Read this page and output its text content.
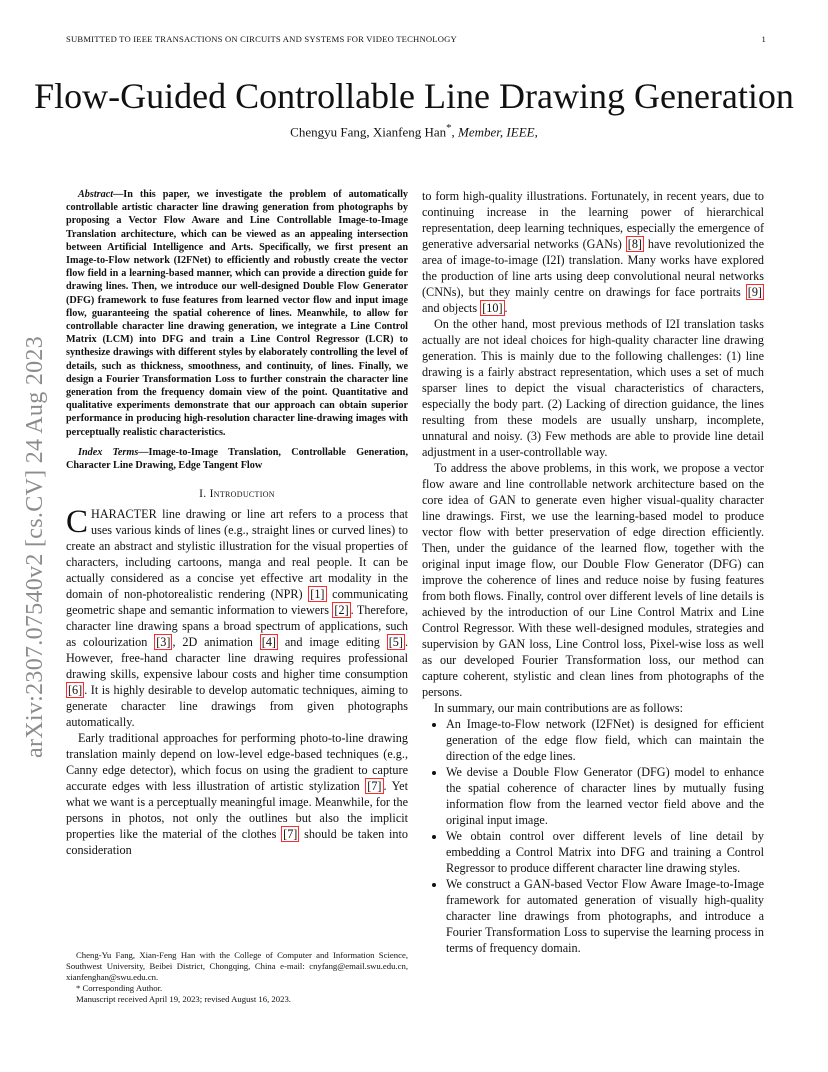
SUBMITTED TO IEEE TRANSACTIONS ON CIRCUITS AND SYSTEMS FOR VIDEO TECHNOLOGY	1
Flow-Guided Controllable Line Drawing Generation
Chengyu Fang, Xianfeng Han*, Member, IEEE,
arXiv:2307.07540v2 [cs.CV] 24 Aug 2023

Abstract—In this paper, we investigate the problem of automatically controllable artistic character line drawing generation from photographs by proposing a Vector Flow Aware and Line Controllable Image-to-Image Translation architecture, which can be viewed as an appealing intersection between Artificial Intelligence and Arts. Specifically, we first present an Image-to-Flow network (I2FNet) to efficiently and robustly create the vector flow field in a learning-based manner, which can provide a direction guide for drawing lines. Then, we introduce our well-designed Double Flow Generator (DFG) framework to fuse features from learned vector flow and input image flow, guaranteeing the spatial coherence of lines. Meanwhile, to allow for controllable character line drawing generation, we integrate a Line Control Matrix (LCM) into DFG and train a Line Control Regressor (LCR) to synthesize drawings with different styles by elaborately controlling the level of details, such as thickness, smoothness, and continuity, of lines. Finally, we design a Fourier Transformation Loss to further constrain the character line generation from the frequency domain view of the point. Quantitative and qualitative experiments demonstrate that our approach can obtain superior performance in producing high-resolution character line-drawing images with perceptually realistic characteristics.

Index Terms—Image-to-Image Translation, Controllable Generation, Character Line Drawing, Edge Tangent Flow

I. Introduction

CHARACTER line drawing or line art refers to a process that uses various kinds of lines (e.g., straight lines or curved lines) to create an abstract and stylistic illustration for the visual properties of characters, including cartoons, manga and real people. It can be actually considered as a concise yet effective art modality in the domain of non-photorealistic rendering (NPR) [1] communicating geometric shape and semantic information to viewers [2] . Therefore, character line drawing spans a broad spectrum of applications, such as colourization [3] , 2D animation [4] and image editing [5] . However, free-hand character line drawing requires professional drawing skills, expensive labour costs and higher time consumption [6] . It is highly desirable to develop automatic techniques, aiming to generate character line drawings from given photographs automatically.

Early traditional approaches for performing photo-to-line drawing translation mainly depend on low-level edge-based techniques (e.g., Canny edge detector), which focus on using the gradient to capture accurate edges with less illustration of artistic stylization [7] . Yet what we want is a perceptually meaningful image. Meanwhile, for the persons in photos, not only the outlines but also the implicit properties like the material of the clothes [7] should be taken into consideration

Cheng-Yu Fang, Xian-Feng Han with the College of Computer and Information Science, Southwest University, Beibei District, Chongqing, China e-mail: cnyfang@email.swu.edu.cn, xianfenghan@swu.edu.cn.

* Corresponding Author.

Manuscript received April 19, 2023; revised August 16, 2023.

to form high-quality illustrations. Fortunately, in recent years, due to continuing increase in the learning power of hierarchical representation, deep learning techniques, especially the emergence of generative adversarial networks (GANs) [8] have revolutionized the area of image-to-image (I2I) translation. Many works have explored the production of line arts using deep convolutional neural networks (CNNs), but they mainly centre on drawings for face portraits [9] and objects [10] .

On the other hand, most previous methods of I2I translation tasks actually are not ideal choices for high-quality character line drawing generation. This is mainly due to the following challenges: (1) line drawing is a fairly abstract representation, which uses a set of much sparser lines to depict the visual characteristics of characters, especially the body part. (2) Lacking of direction guidance, the lines resulting from these models are usually unsharp, incomplete, unnatural and noisy. (3) Few methods are able to provide line detail adjustment in a user-controllable way.

To address the above problems, in this work, we propose a vector flow aware and line controllable network architecture based on the core idea of GAN to generate even higher visual-quality character line drawings. First, we use the learning-based model to produce vector flow with better preservation of edge direction efficiently. Then, under the guidance of the learned flow, together with the original input image flow, our Double Flow Generator (DFG) can improve the coherence of lines and reduce noise by fusing features from both flows. Finally, control over different levels of line details is achieved by the introduction of our Line Control Matrix and Line Control Regressor. With these well-designed modules, strategies and supervision by GAN loss, Line Control loss, Pixel-wise loss as well as our developed Fourier Transformation loss, our method can capture coherent, stylistic and clean lines from photographs of the persons.

In summary, our main contributions are as follows:

• An Image-to-Flow network (I2FNet) is designed for efficient generation of the edge flow field, which can maintain the direction of the edge lines.
• We devise a Double Flow Generator (DFG) model to enhance the spatial coherence of character lines by mutually fusing information flow from the learned vector field above and the original input image.
• We obtain control over different levels of line detail by embedding a Control Matrix into DFG and training a Control Regressor to produce different character line drawing styles.
• We construct a GAN-based Vector Flow Aware Image-to-Image framework for automated generation of visually high-quality character line drawings from photographs, and introduce a Fourier Transformation Loss to supervise the learning process in terms of frequency domain.
